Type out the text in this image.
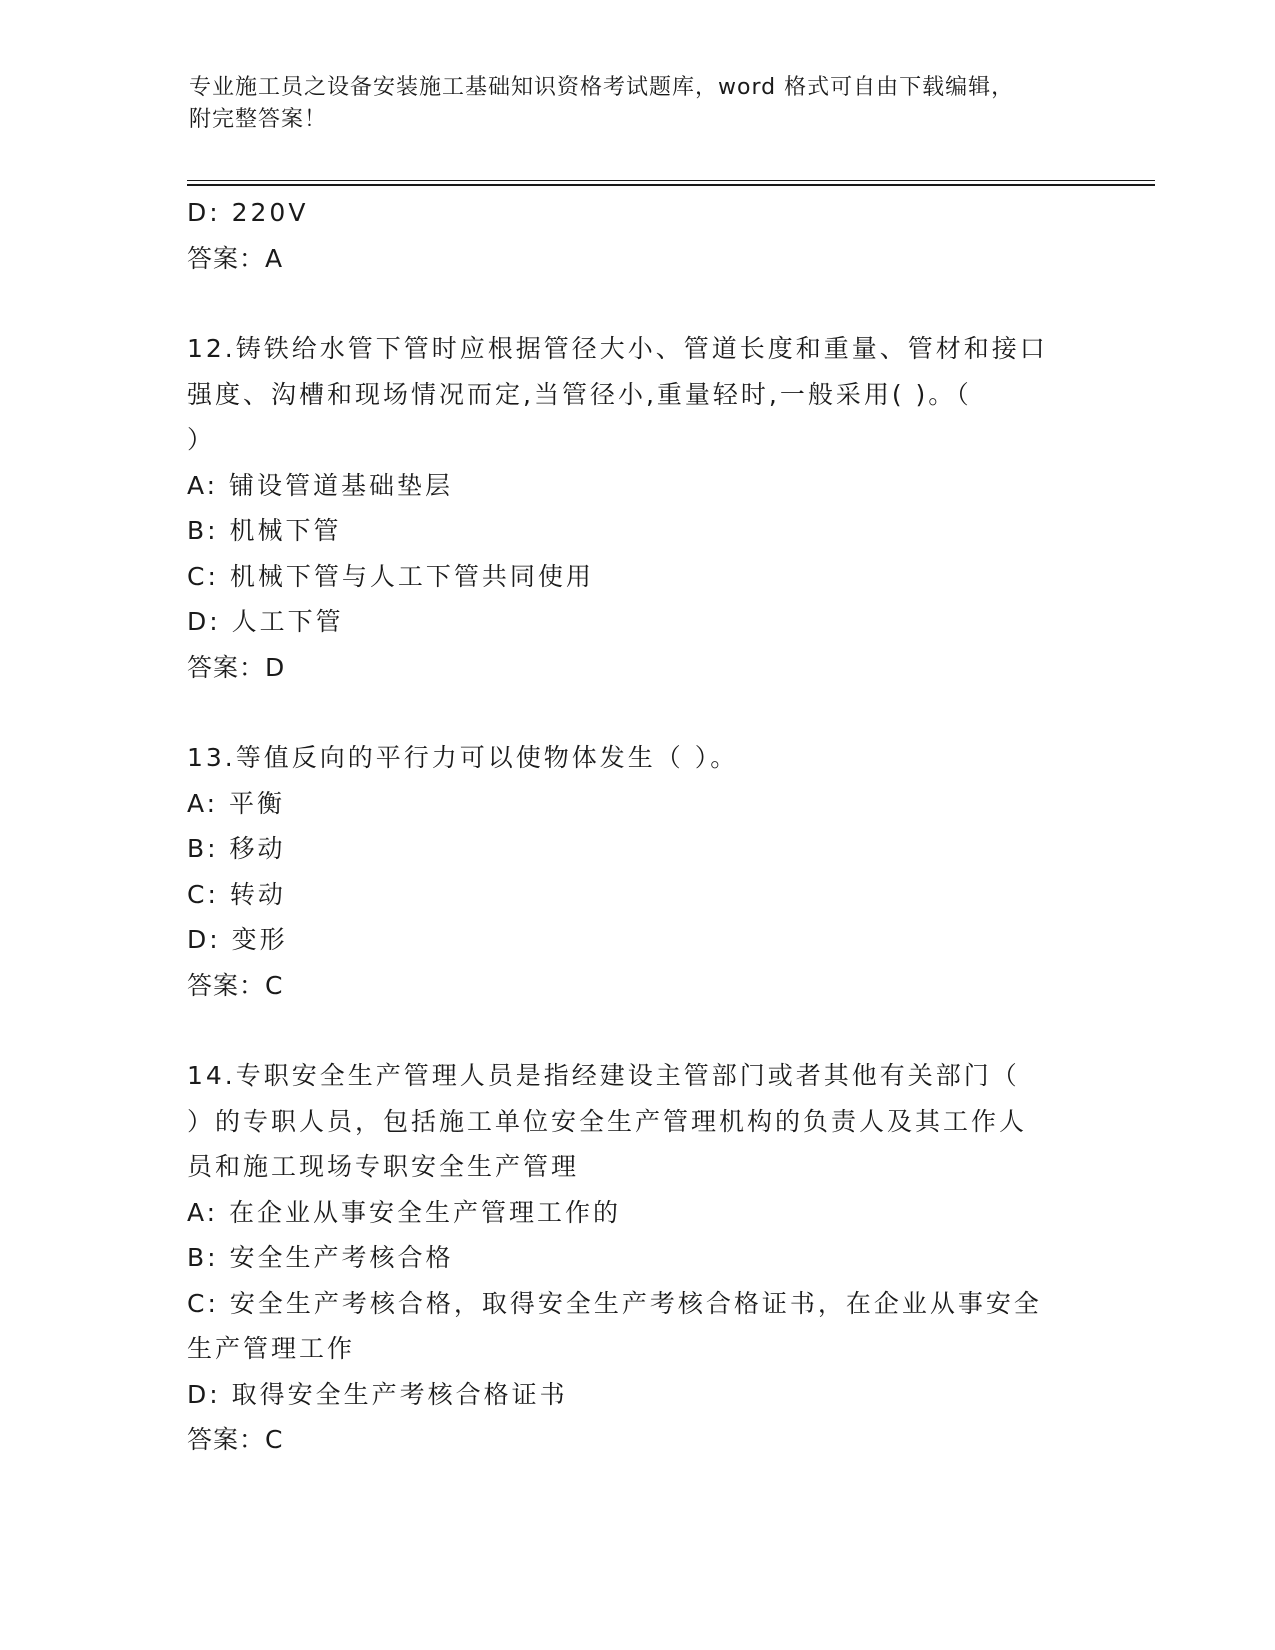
专业施工员之设备安装施工基础知识资格考试题库，word 格式可自由下载编辑，
附完整答案！
D: 220V
答案：A
12.铸铁给水管下管时应根据管径大小、管道长度和重量、管材和接口
强度、沟槽和现场情况而定,当管径小,重量轻时,一般采用( )。（
）
A: 铺设管道基础垫层
B: 机械下管
C: 机械下管与人工下管共同使用
D: 人工下管
答案：D
13.等值反向的平行力可以使物体发生（ ）。
A: 平衡
B: 移动
C: 转动
D: 变形
答案：C
14.专职安全生产管理人员是指经建设主管部门或者其他有关部门（
）的专职人员，包括施工单位安全生产管理机构的负责人及其工作人
员和施工现场专职安全生产管理
A: 在企业从事安全生产管理工作的
B: 安全生产考核合格
C: 安全生产考核合格，取得安全生产考核合格证书，在企业从事安全
生产管理工作
D: 取得安全生产考核合格证书
答案：C
